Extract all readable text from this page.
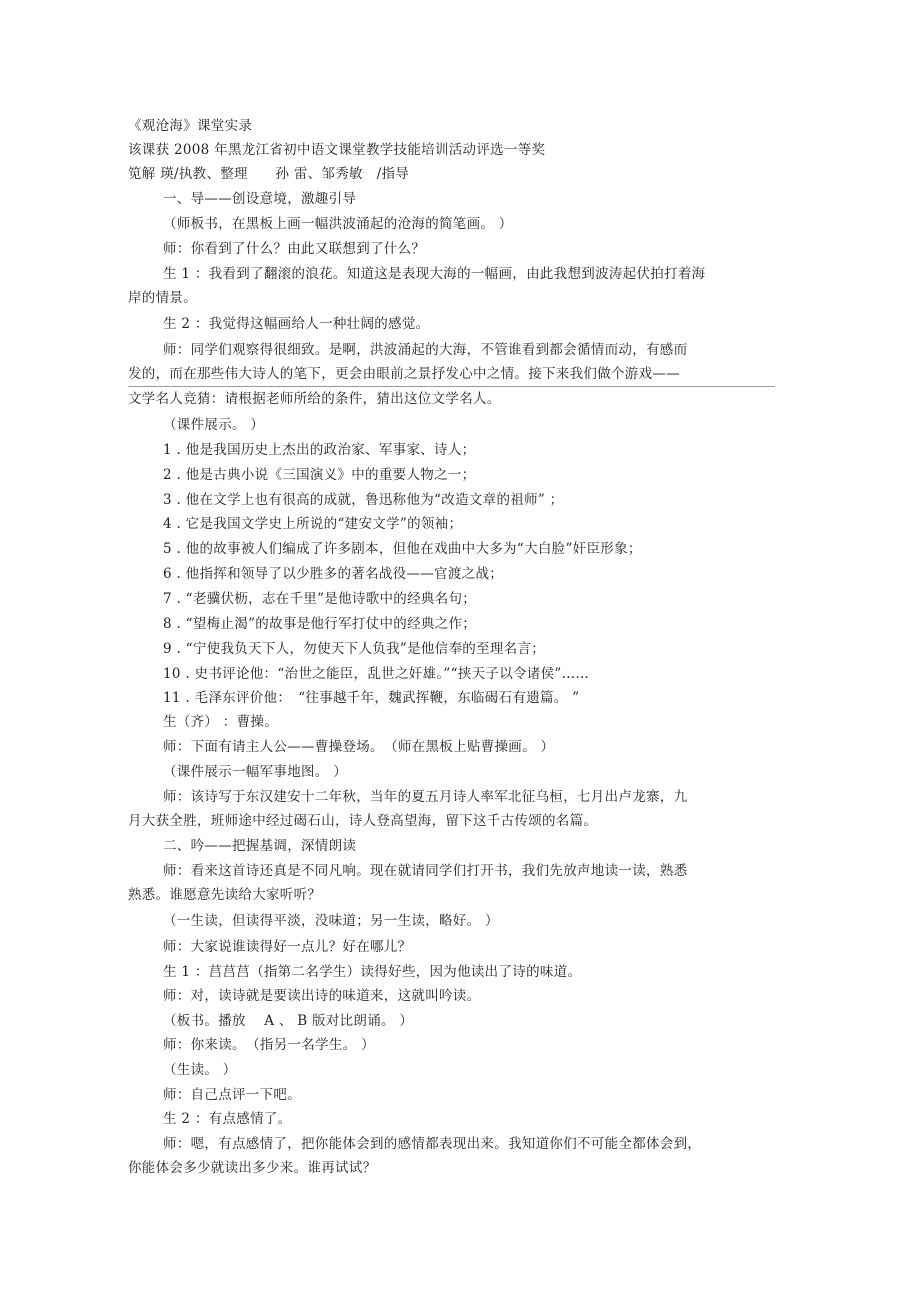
《观沧海》课堂实录
该课获 2008 年黑龙江省初中语文课堂教学技能培训活动评选一等奖
笕解 瑛/执教、整理　　孙 雷、邹秀敏　/指导
一、导——创设意境，激趣引导
（师板书，在黑板上画一幅洪波涌起的沧海的简笔画。 ）
师：你看到了什么？由此又联想到了什么？
生 1 ：我看到了翻滚的浪花。知道这是表现大海的一幅画，由此我想到波涛起伏拍打着海
岸的情景。
生 2 ：我觉得这幅画给人一种壮阔的感觉。
师：同学们观察得很细致。是啊，洪波涌起的大海，不管谁看到都会循情而动，有感而
发的，而在那些伟大诗人的笔下，更会由眼前之景抒发心中之情。接下来我们做个游戏——
文学名人竞猜：请根据老师所给的条件，猜出这位文学名人。
（课件展示。 ）
1 . 他是我国历史上杰出的政治家、军事家、诗人；
2 . 他是古典小说《三国演义》中的重要人物之一；
3 . 他在文学上也有很高的成就，鲁迅称他为“改造文章的祖师” ；
4 . 它是我国文学史上所说的“建安文学”的领袖；
5 . 他的故事被人们编成了许多剧本，但他在戏曲中大多为“大白脸”奸臣形象；
6 . 他指挥和领导了以少胜多的著名战役——官渡之战；
7 . “老骥伏枥，志在千里”是他诗歌中的经典名句；
8 . “望梅止渴”的故事是他行军打仗中的经典之作；
9 . “宁使我负天下人，勿使天下人负我”是他信奉的至理名言；
10 . 史书评论他：“治世之能臣，乱世之奸雄。”“挟天子以令诸侯”……
11 . 毛泽东评价他：　“往事越千年，魏武挥鞭，东临碣石有遗篇。 ”
生（齐） ：曹操。
师：下面有请主人公——曹操登场。　（师在黑板上贴曹操画。 ）
（课件展示一幅军事地图。 ）
师：该诗写于东汉建安十二年秋，当年的夏五月诗人率军北征乌桓，七月出卢龙寨，九
月大获全胜，班师途中经过碣石山，诗人登高望海，留下这千古传颂的名篇。
二、吟——把握基调，深情朗读
师：看来这首诗还真是不同凡响。现在就请同学们打开书，我们先放声地读一读，熟悉
熟悉。谁愿意先读给大家听听？
（一生读，但读得平淡，没味道；另一生读，略好。 ）
师：大家说谁读得好一点儿？好在哪儿？
生 1 ：莒莒莒（指第二名学生）读得好些，因为他读出了诗的味道。
师：对，读诗就是要读出诗的味道来，这就叫吟读。
（板书。播放　 A 、 B 版对比朗诵。 ）
师：你来读。　（指另一名学生。 ）
（生读。 ）
师：自己点评一下吧。
生 2 ：有点感情了。
师：嗯，有点感情了，把你能体会到的感情都表现出来。我知道你们不可能全都体会到，
你能体会多少就读出多少来。谁再试试？
